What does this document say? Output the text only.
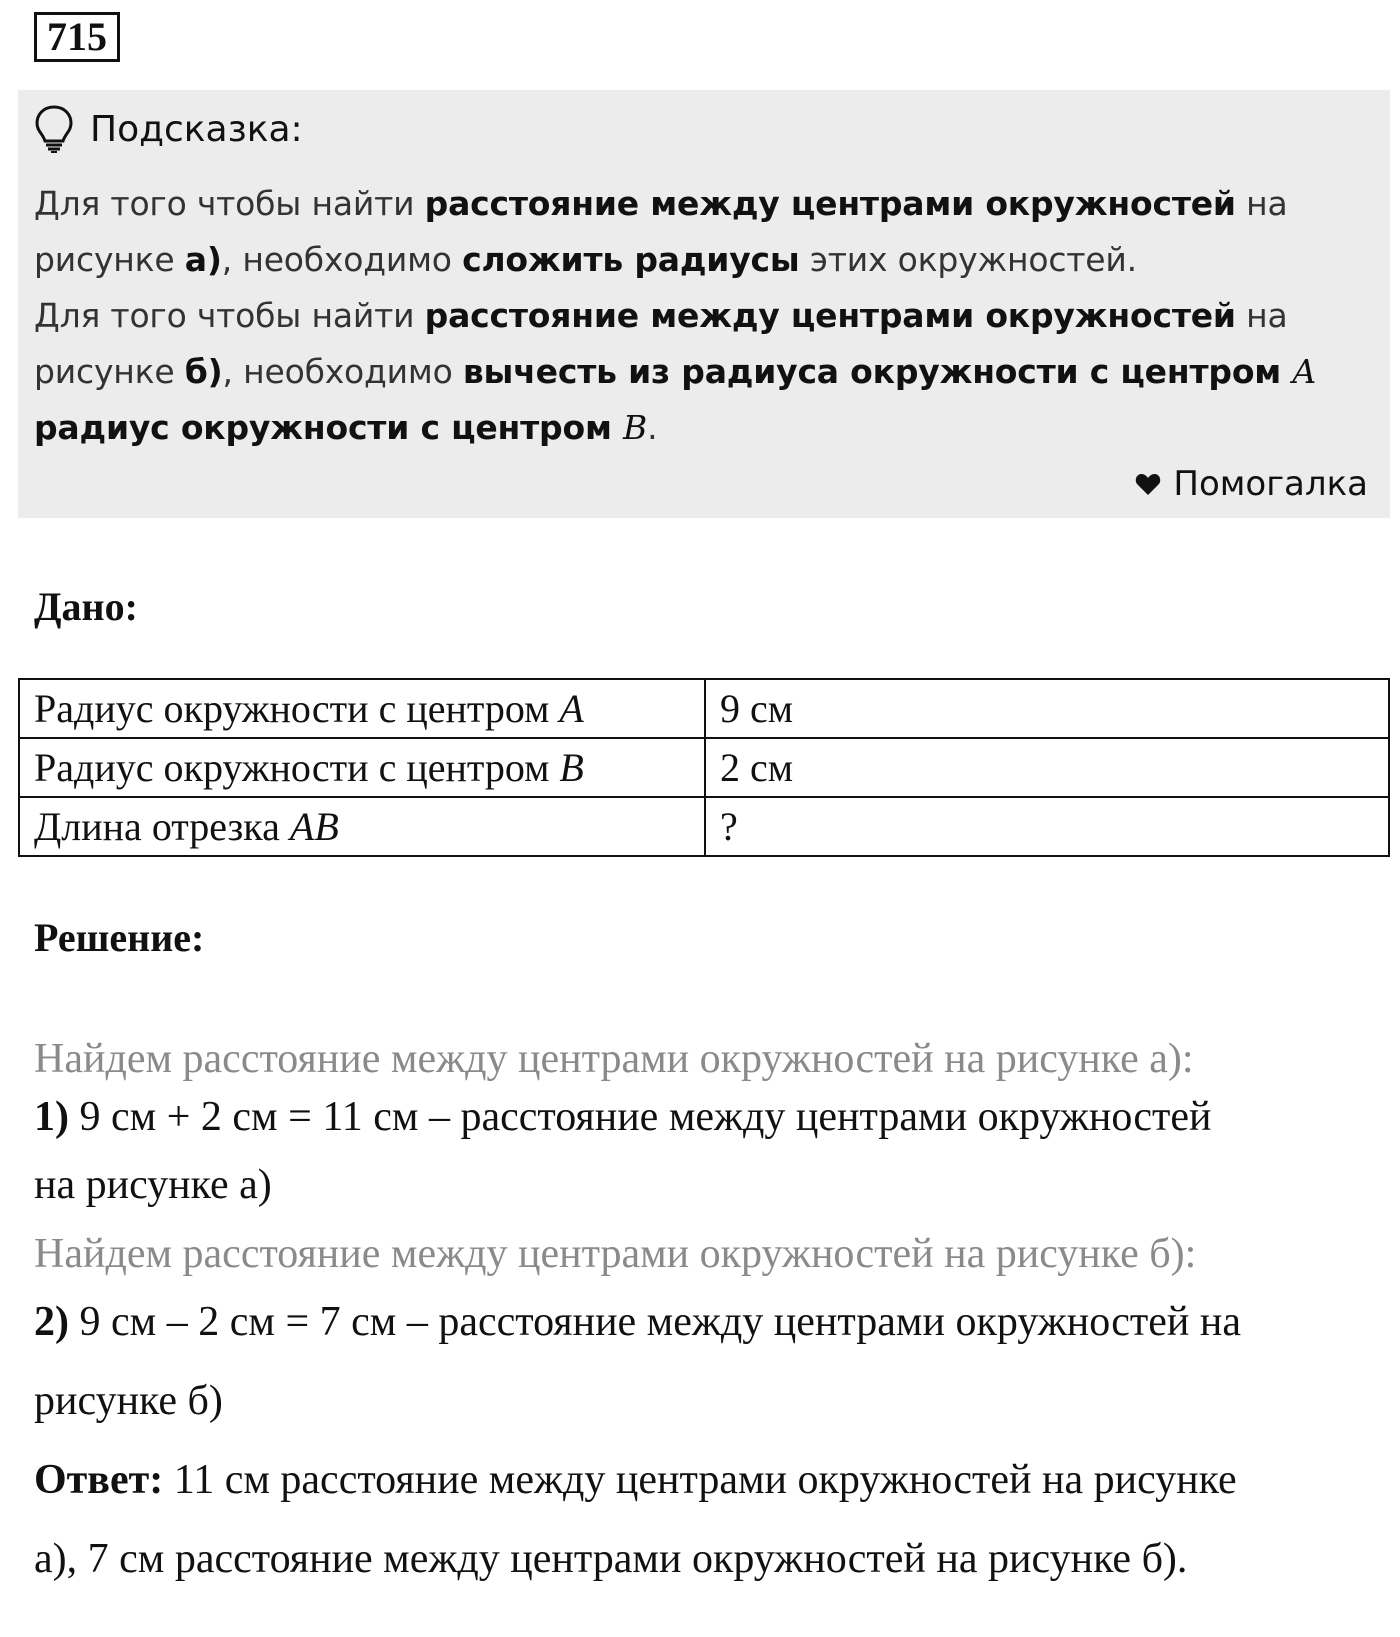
715
Подсказка:
Для того чтобы найти расстояние между центрами окружностей на рисунке а), необходимо сложить радиусы этих окружностей.
Для того чтобы найти расстояние между центрами окружностей на рисунке б), необходимо вычесть из радиуса окружности с центром A радиус окружности с центром B.
Помогалка
Дано:
Радиус окружности с центром A	9 см
Радиус окружности с центром B	2 см
Длина отрезка AB	?
Решение:
Найдем расстояние между центрами окружностей на рисунке а):
1) 9 см + 2 см = 11 см – расстояние между центрами окружностей
на рисунке а)
Найдем расстояние между центрами окружностей на рисунке б):
2) 9 см – 2 см = 7 см – расстояние между центрами окружностей на
рисунке б)
Ответ: 11 см расстояние между центрами окружностей на рисунке
а), 7 см расстояние между центрами окружностей на рисунке б).
